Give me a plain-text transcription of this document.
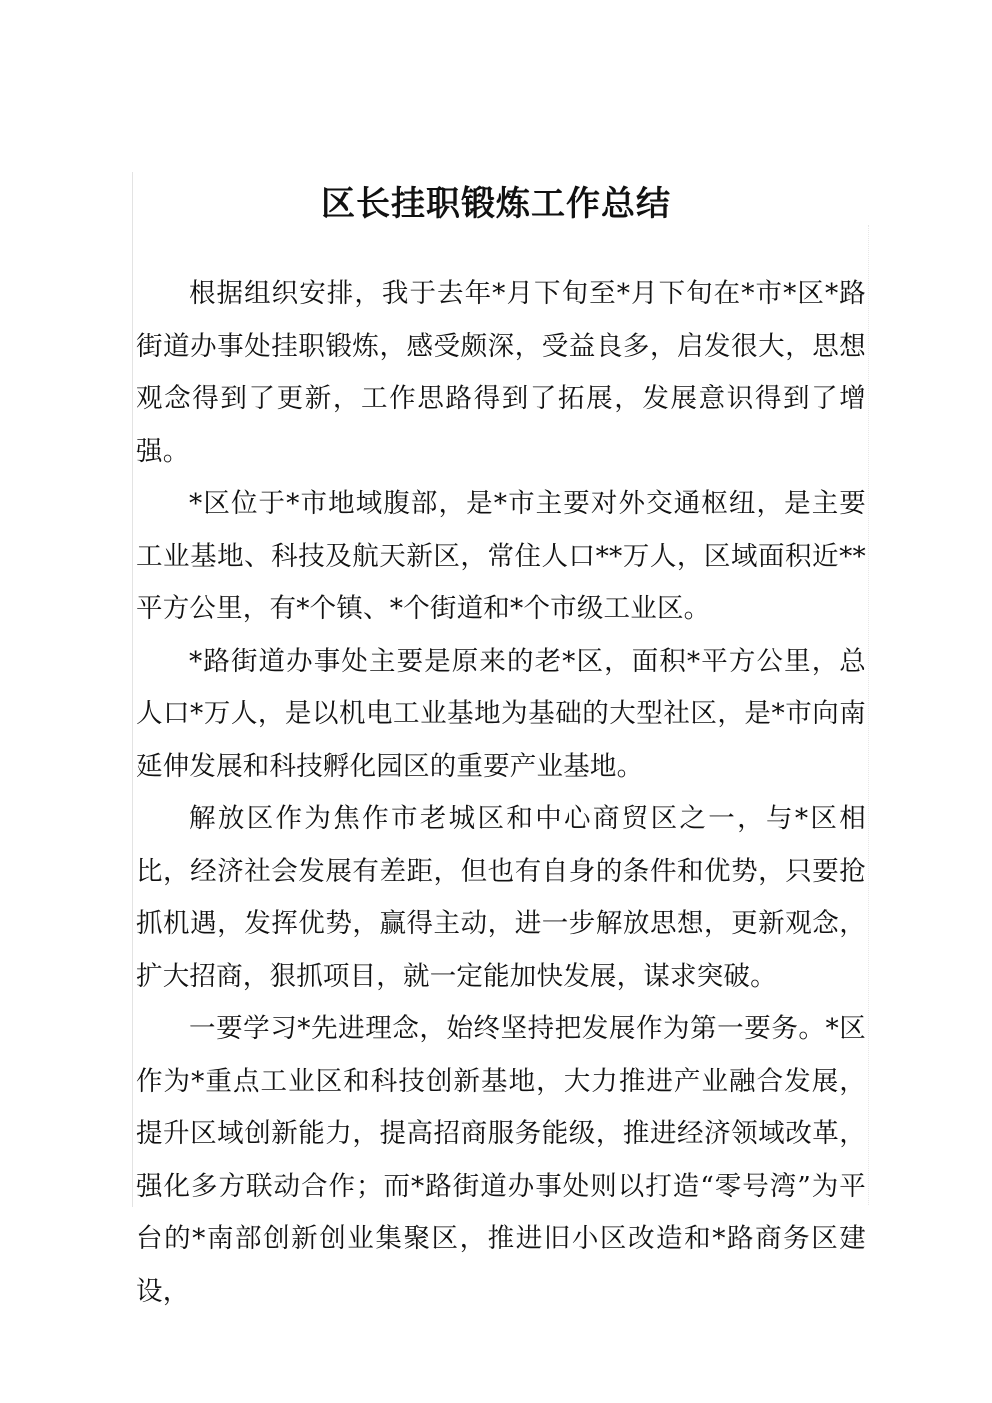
区长挂职锻炼工作总结

根据组织安排，我于去年*月下旬至*月下旬在*市*区*路街道办事处挂职锻炼，感受颇深，受益良多，启发很大，思想观念得到了更新，工作思路得到了拓展，发展意识得到了增强。

*区位于*市地域腹部，是*市主要对外交通枢纽，是主要工业基地、科技及航天新区，常住人口**万人，区域面积近**平方公里，有*个镇、*个街道和*个市级工业区。

*路街道办事处主要是原来的老*区，面积*平方公里，总人口*万人，是以机电工业基地为基础的大型社区，是*市向南延伸发展和科技孵化园区的重要产业基地。

解放区作为焦作市老城区和中心商贸区之一，与*区相比，经济社会发展有差距，但也有自身的条件和优势，只要抢抓机遇，发挥优势，赢得主动，进一步解放思想，更新观念，扩大招商，狠抓项目，就一定能加快发展，谋求突破。

一要学习*先进理念，始终坚持把发展作为第一要务。*区作为*重点工业区和科技创新基地，大力推进产业融合发展，提升区域创新能力，提高招商服务能级，推进经济领域改革，强化多方联动合作；而*路街道办事处则以打造“零号湾”为平台的*南部创新创业集聚区，推进旧小区改造和*路商务区建设，
